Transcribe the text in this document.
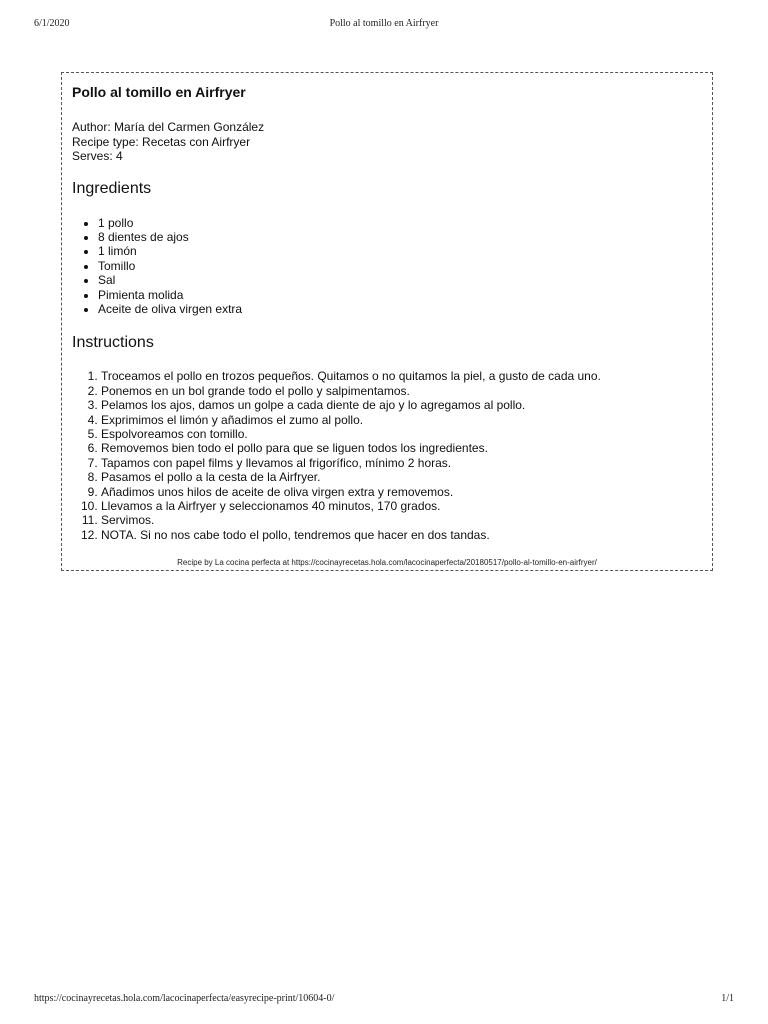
6/1/2020	Pollo al tomillo en Airfryer
Pollo al tomillo en Airfryer
Author: María del Carmen González
Recipe type: Recetas con Airfryer
Serves: 4
Ingredients
• 1 pollo
• 8 dientes de ajos
• 1 limón
• Tomillo
• Sal
• Pimienta molida
• Aceite de oliva virgen extra
Instructions
1. Troceamos el pollo en trozos pequeños. Quitamos o no quitamos la piel, a gusto de cada uno.
2. Ponemos en un bol grande todo el pollo y salpimentamos.
3. Pelamos los ajos, damos un golpe a cada diente de ajo y lo agregamos al pollo.
4. Exprimimos el limón y añadimos el zumo al pollo.
5. Espolvoreamos con tomillo.
6. Removemos bien todo el pollo para que se liguen todos los ingredientes.
7. Tapamos con papel films y llevamos al frigorífico, mínimo 2 horas.
8. Pasamos el pollo a la cesta de la Airfryer.
9. Añadimos unos hilos de aceite de oliva virgen extra y removemos.
10. Llevamos a la Airfryer y seleccionamos 40 minutos, 170 grados.
11. Servimos.
12. NOTA. Si no nos cabe todo el pollo, tendremos que hacer en dos tandas.
Recipe by La cocina perfecta at https://cocinayrecetas.hola.com/lacocinaperfecta/20180517/pollo-al-tomillo-en-airfryer/
https://cocinayrecetas.hola.com/lacocinaperfecta/easyrecipe-print/10604-0/	1/1
